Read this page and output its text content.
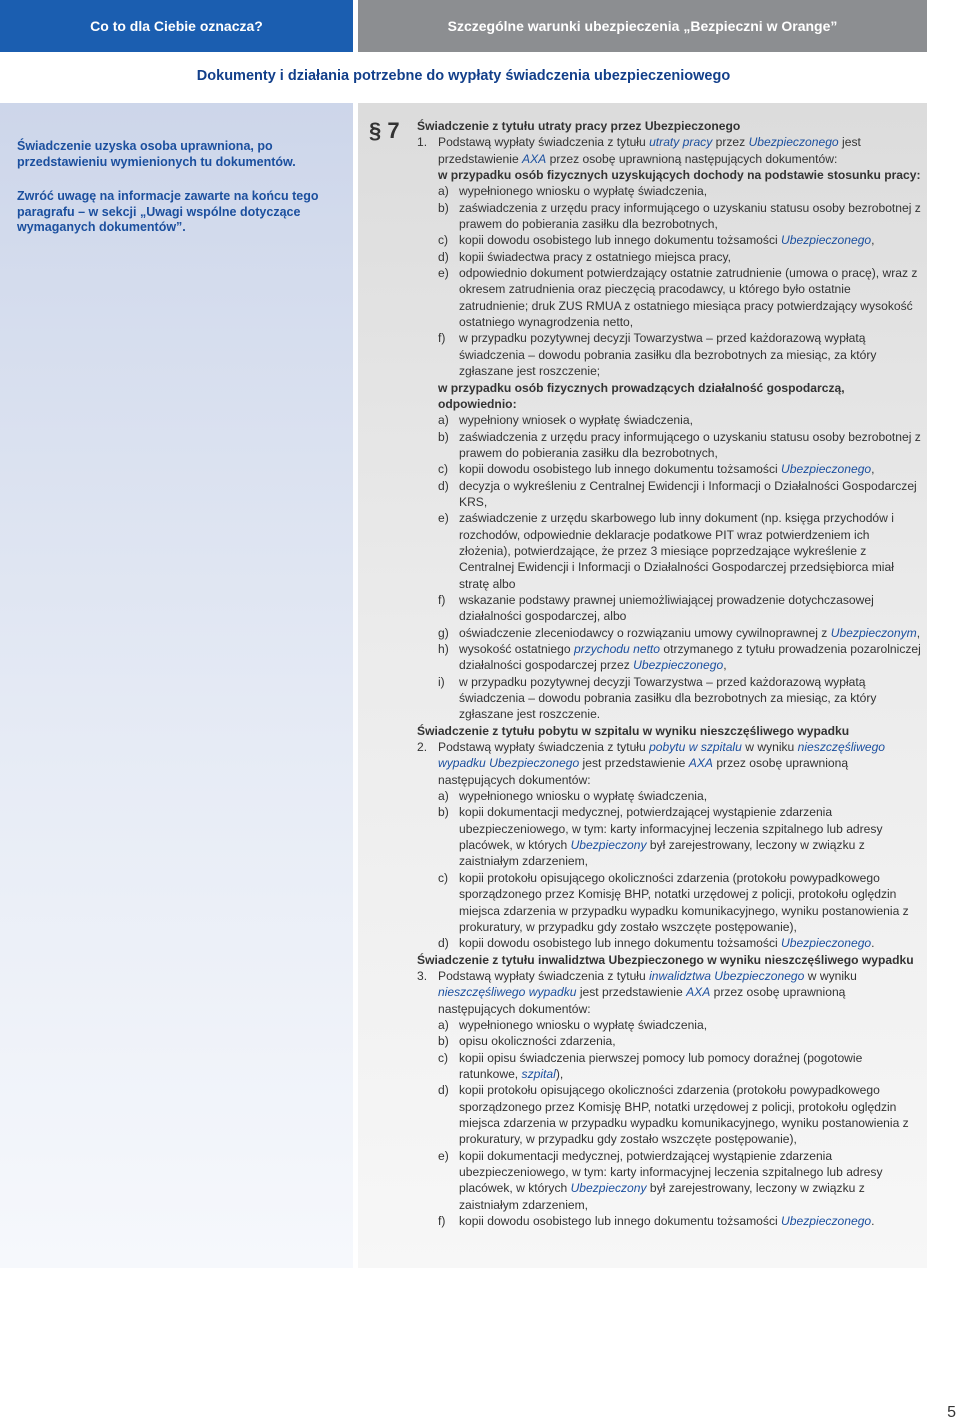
Co to dla Ciebie oznacza?	Szczególne warunki ubezpieczenia „Bezpieczni w Orange”
Dokumenty i działania potrzebne do wypłaty świadczenia ubezpieczeniowego

Świadczenie uzyska osoba uprawniona, po przedstawieniu wymienionych tu dokumentów.

Zwróć uwagę na informacje zawarte na końcu tego paragrafu – w sekcji „Uwagi wspólne dotyczące wymaganych dokumentów”.

§ 7 Świadczenie z tytułu utraty pracy przez Ubezpieczonego
1. Podstawą wypłaty świadczenia z tytułu utraty pracy przez Ubezpieczonego jest przedstawienie AXA przez osobę uprawnioną następujących dokumentów:
w przypadku osób fizycznych uzyskujących dochody na podstawie stosunku pracy:
a) wypełnionego wniosku o wypłatę świadczenia,
b) zaświadczenia z urzędu pracy informującego o uzyskaniu statusu osoby bezrobotnej z prawem do pobierania zasiłku dla bezrobotnych,
c) kopii dowodu osobistego lub innego dokumentu tożsamości Ubezpieczonego,
d) kopii świadectwa pracy z ostatniego miejsca pracy,
e) odpowiednio dokument potwierdzający ostatnie zatrudnienie (umowa o pracę), wraz z okresem zatrudnienia oraz pieczęcią pracodawcy, u którego było ostatnie zatrudnienie; druk ZUS RMUA z ostatniego miesiąca pracy potwierdzający wysokość ostatniego wynagrodzenia netto,
f) w przypadku pozytywnej decyzji Towarzystwa – przed każdorazową wypłatą świadczenia – dowodu pobrania zasiłku dla bezrobotnych za miesiąc, za który zgłaszane jest roszczenie;
w przypadku osób fizycznych prowadzących działalność gospodarczą, odpowiednio:
a) wypełniony wniosek o wypłatę świadczenia,
b) zaświadczenia z urzędu pracy informującego o uzyskaniu statusu osoby bezrobotnej z prawem do pobierania zasiłku dla bezrobotnych,
c) kopii dowodu osobistego lub innego dokumentu tożsamości Ubezpieczonego,
d) decyzja o wykreśleniu z Centralnej Ewidencji i Informacji o Działalności Gospodarczej KRS,
e) zaświadczenie z urzędu skarbowego lub inny dokument (np. księga przychodów i rozchodów, odpowiednie deklaracje podatkowe PIT wraz potwierdzeniem ich złożenia), potwierdzające, że przez 3 miesiące poprzedzające wykreślenie z Centralnej Ewidencji i Informacji o Działalności Gospodarczej przedsiębiorca miał stratę albo
f) wskazanie podstawy prawnej uniemożliwiającej prowadzenie dotychczasowej działalności gospodarczej, albo
g) oświadczenie zleceniodawcy o rozwiązaniu umowy cywilnoprawnej z Ubezpieczonym,
h) wysokość ostatniego przychodu netto otrzymanego z tytułu prowadzenia pozarolniczej działalności gospodarczej przez Ubezpieczonego,
i) w przypadku pozytywnej decyzji Towarzystwa – przed każdorazową wypłatą świadczenia – dowodu pobrania zasiłku dla bezrobotnych za miesiąc, za który zgłaszane jest roszczenie.
Świadczenie z tytułu pobytu w szpitalu w wyniku nieszczęśliwego wypadku
2. Podstawą wypłaty świadczenia z tytułu pobytu w szpitalu w wyniku nieszczęśliwego wypadku Ubezpieczonego jest przedstawienie AXA przez osobę uprawnioną następujących dokumentów:
a) wypełnionego wniosku o wypłatę świadczenia,
b) kopii dokumentacji medycznej, potwierdzającej wystąpienie zdarzenia ubezpieczeniowego, w tym: karty informacyjnej leczenia szpitalnego lub adresy placówek, w których Ubezpieczony był zarejestrowany, leczony w związku z zaistniałym zdarzeniem,
c) kopii protokołu opisującego okoliczności zdarzenia (protokołu powypadkowego sporządzonego przez Komisję BHP, notatki urzędowej z policji, protokołu oględzin miejsca zdarzenia w przypadku wypadku komunikacyjnego, wyniku postanowienia z prokuratury, w przypadku gdy zostało wszczęte postępowanie),
d) kopii dowodu osobistego lub innego dokumentu tożsamości Ubezpieczonego.
Świadczenie z tytułu inwalidztwa Ubezpieczonego w wyniku nieszczęśliwego wypadku
3. Podstawą wypłaty świadczenia z tytułu inwalidztwa Ubezpieczonego w wyniku nieszczęśliwego wypadku jest przedstawienie AXA przez osobę uprawnioną następujących dokumentów:
a) wypełnionego wniosku o wypłatę świadczenia,
b) opisu okoliczności zdarzenia,
c) kopii opisu świadczenia pierwszej pomocy lub pomocy doraźnej (pogotowie ratunkowe, szpital),
d) kopii protokołu opisującego okoliczności zdarzenia (protokołu powypadkowego sporządzonego przez Komisję BHP, notatki urzędowej z policji, protokołu oględzin miejsca zdarzenia w przypadku wypadku komunikacyjnego, wyniku postanowienia z prokuratury, w przypadku gdy zostało wszczęte postępowanie),
e) kopii dokumentacji medycznej, potwierdzającej wystąpienie zdarzenia ubezpieczeniowego, w tym: karty informacyjnej leczenia szpitalnego lub adresy placówek, w których Ubezpieczony był zarejestrowany, leczony w związku z zaistniałym zdarzeniem,
f) kopii dowodu osobistego lub innego dokumentu tożsamości Ubezpieczonego.
5
